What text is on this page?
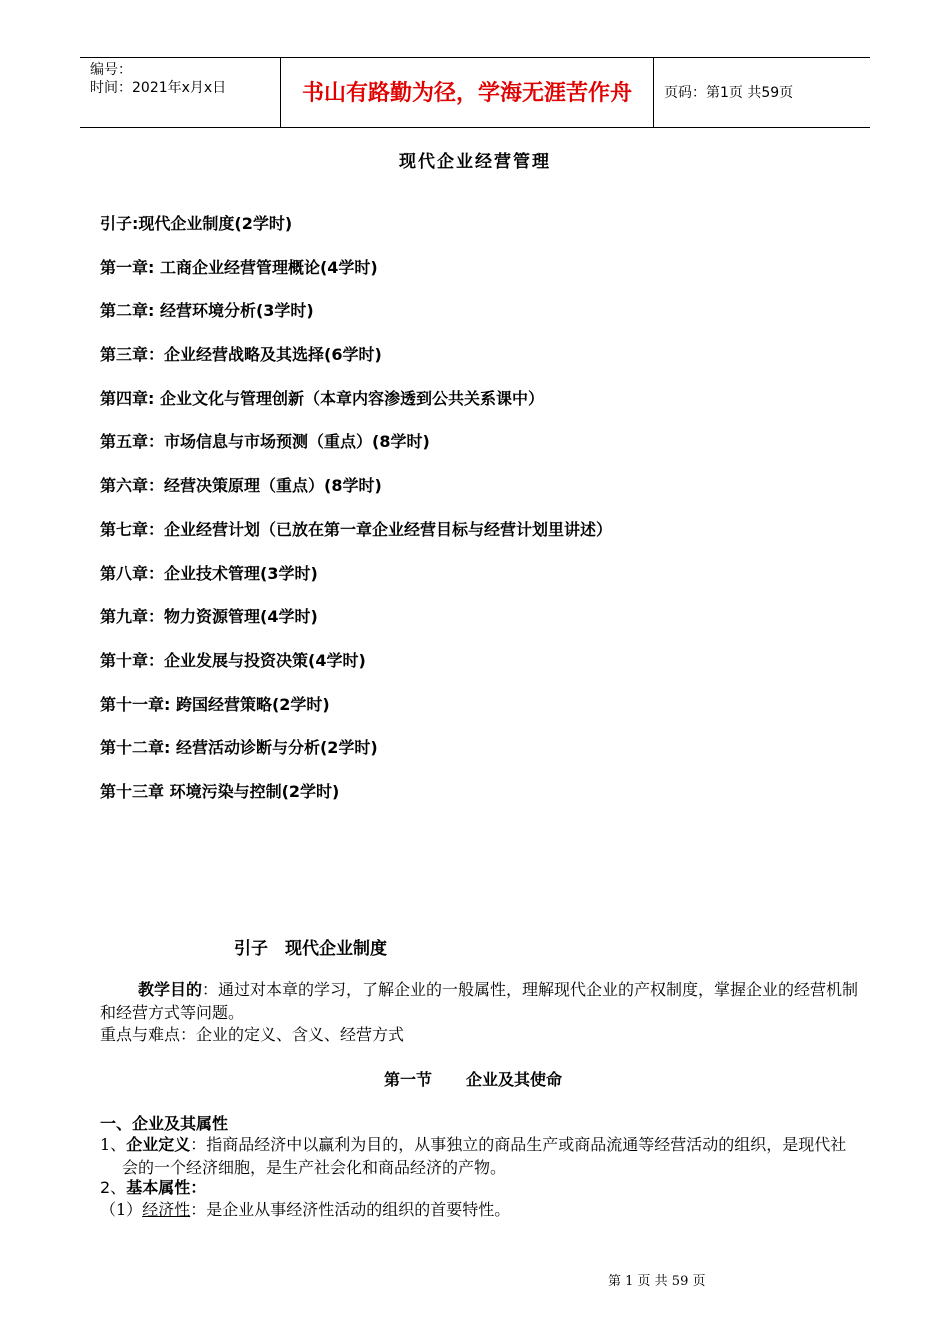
编号：
时间：2021年x月x日	书山有路勤为径，学海无涯苦作舟	页码：第1页 共59页
现代企业经营管理
引子:现代企业制度(2学时)
第一章: 工商企业经营管理概论(4学时)
第二章: 经营环境分析(3学时)
第三章：企业经营战略及其选择(6学时)
第四章: 企业文化与管理创新（本章内容渗透到公共关系课中）
第五章：市场信息与市场预测（重点）(8学时)
第六章：经营决策原理（重点）(8学时)
第七章：企业经营计划（已放在第一章企业经营目标与经营计划里讲述）
第八章：企业技术管理(3学时)
第九章：物力资源管理(4学时)
第十章：企业发展与投资决策(4学时)
第十一章: 跨国经营策略(2学时)
第十二章: 经营活动诊断与分析(2学时)
第十三章 环境污染与控制(2学时)
引子　现代企业制度
教学目的：通过对本章的学习，了解企业的一般属性，理解现代企业的产权制度，掌握企业的经营机制和经营方式等问题。
重点与难点：企业的定义、含义、经营方式
第一节 企业及其使命
一、企业及其属性
1、企业定义：指商品经济中以赢利为目的，从事独立的商品生产或商品流通等经营活动的组织，是现代社会的一个经济细胞，是生产社会化和商品经济的产物。
2、基本属性：
（1）经济性：是企业从事经济性活动的组织的首要特性。
第 1 页 共 59 页
